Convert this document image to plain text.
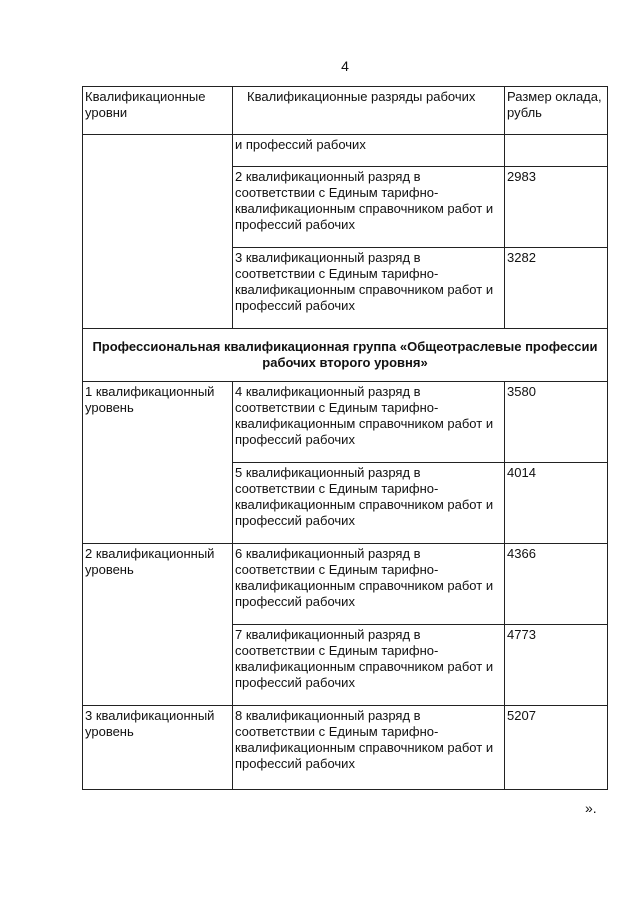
4
Квалификационные уровни	Квалификационные разряды рабочих	Размер оклада, рубль
	и профессий рабочих	
	2 квалификационный разряд в соответствии с Единым тарифно-квалификационным справочником работ и профессий рабочих	2983
	3 квалификационный разряд в соответствии с Единым тарифно-квалификационным справочником работ и профессий рабочих	3282
Профессиональная квалификационная группа «Общеотраслевые профессии рабочих второго уровня»		
1 квалификационный уровень	4 квалификационный разряд в соответствии с Единым тарифно-квалификационным справочником работ и профессий рабочих	3580
	5 квалификационный разряд в соответствии с Единым тарифно-квалификационным справочником работ и профессий рабочих	4014
2 квалификационный уровень	6 квалификационный разряд в соответствии с Единым тарифно-квалификационным справочником работ и профессий рабочих	4366
	7 квалификационный разряд в соответствии с Единым тарифно-квалификационным справочником работ и профессий рабочих	4773
3 квалификационный уровень	8 квалификационный разряд в соответствии с Единым тарифно-квалификационным справочником работ и профессий рабочих	5207
».
